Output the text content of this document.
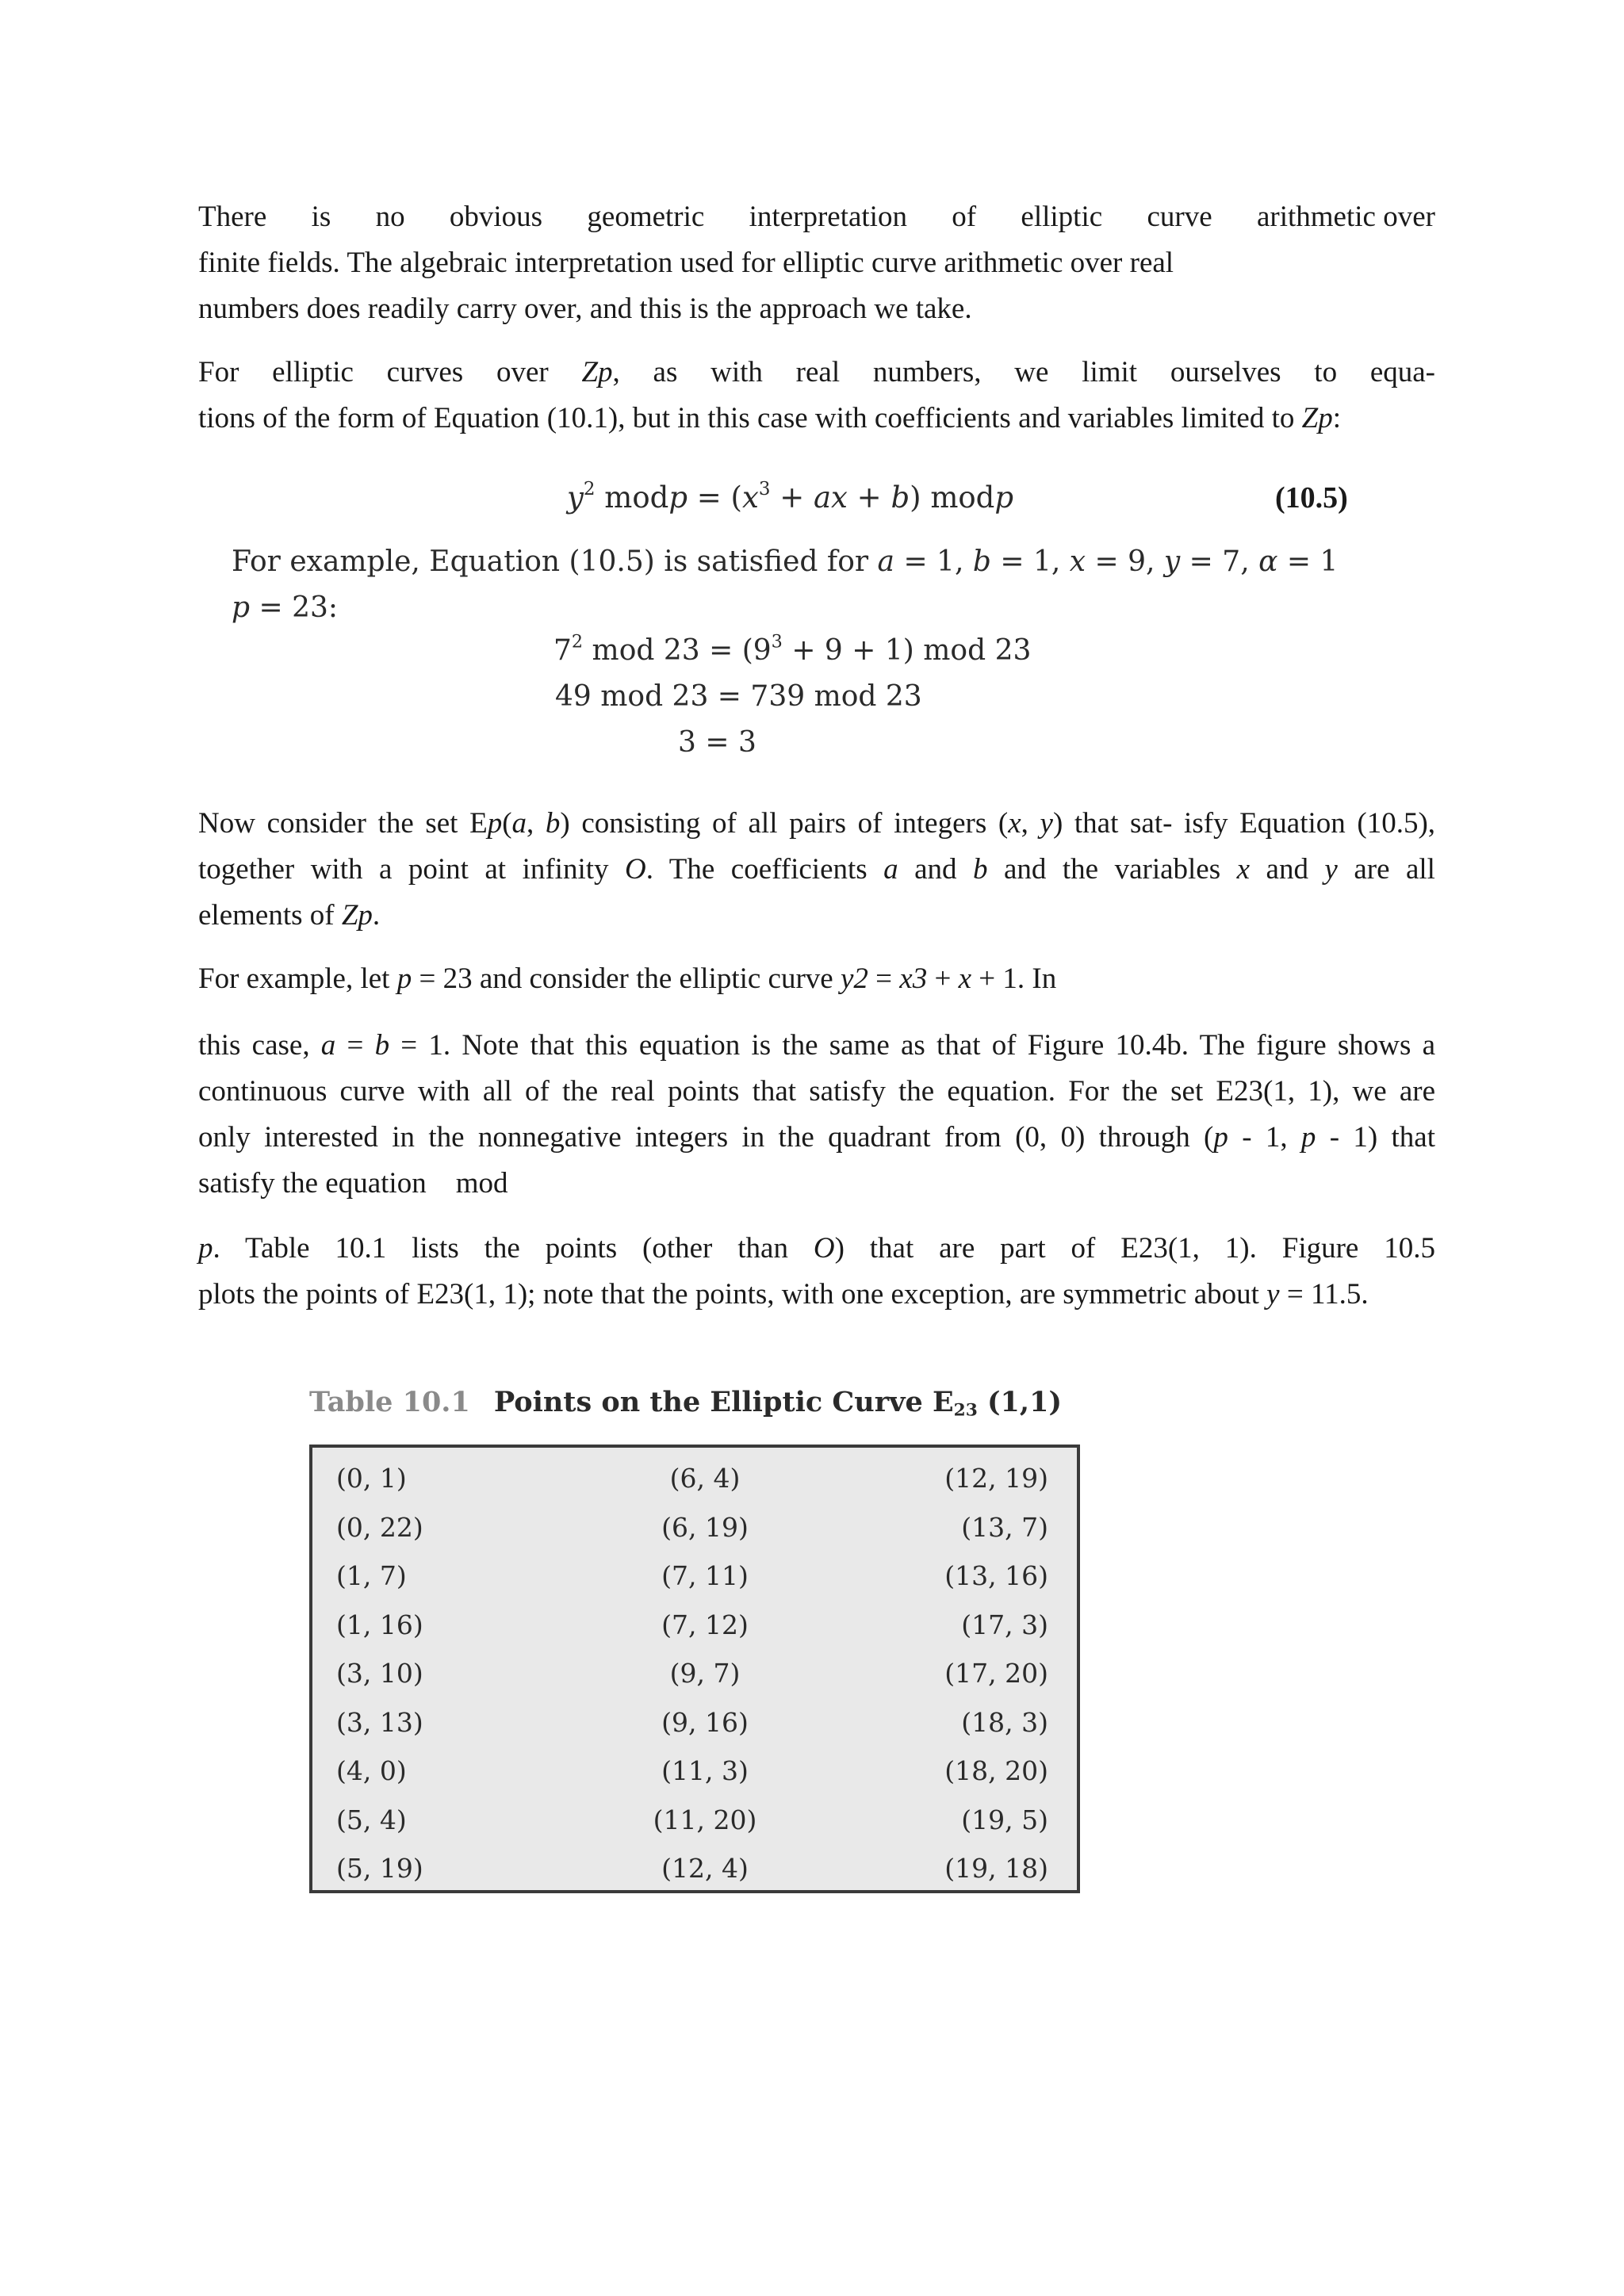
There is no obvious geometric interpretation of elliptic curve arithmetic over
finite fields. The algebraic interpretation used for elliptic curve arithmetic over real
numbers does readily carry over, and this is the approach we take.
For elliptic curves over Zp, as with real numbers, we limit ourselves to equa-
tions of the form of Equation (10.1), but in this case with coefficients and variables limited to Zp:
$y^2$ modp = ($x^3$ + ax + b) modp	(10.5)
For example, Equation (10.5) is satisfied for a = 1, b = 1, x = 9, y = 7, α = 1
p = 23:
$7^2$ mod $23 = (9^3 + 9 + 1)$ mod 23
49 mod 23 = 739 mod 23
3 = 3
Now consider the set Ep(a, b) consisting of all pairs of integers (x, y) that sat- isfy Equation (10.5),
together with a point at infinity O. The coefficients a and b and the variables x and y are all
elements of Zp.
For example, let p = 23 and consider the elliptic curve y2 = x3 + x + 1. In
this case, a = b = 1. Note that this equation is the same as that of Figure 10.4b. The figure shows a
continuous curve with all of the real points that satisfy the equation. For the set E23(1, 1), we are
only interested in the nonnegative integers in the quadrant from (0, 0) through (p - 1, p - 1) that
satisfy the equation    mod
p. Table 10.1 lists the points (other than O) that are part of E23(1, 1). Figure 10.5
plots the points of E23(1, 1); note that the points, with one exception, are symmetric about y = 11.5.
Table 10.1 Points on the Elliptic Curve $E_{23}$ (1,1)
(0, 1)	(6, 4)	(12, 19)
(0, 22)	(6, 19)	(13, 7)
(1, 7)	(7, 11)	(13, 16)
(1, 16)	(7, 12)	(17, 3)
(3, 10)	(9, 7)	(17, 20)
(3, 13)	(9, 16)	(18, 3)
(4, 0)	(11, 3)	(18, 20)
(5, 4)	(11, 20)	(19, 5)
(5, 19)	(12, 4)	(19, 18)
